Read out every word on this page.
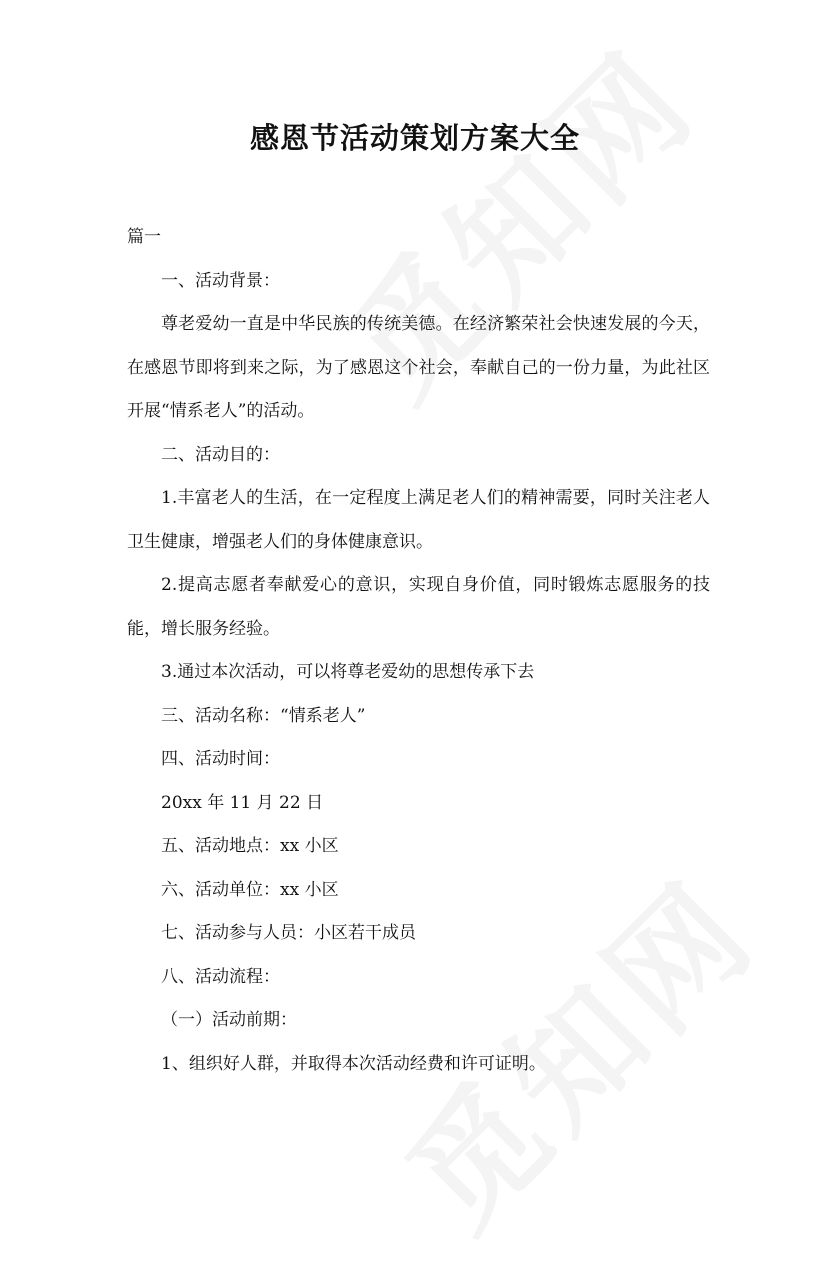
感恩节活动策划方案大全

篇一

一、活动背景：

尊老爱幼一直是中华民族的传统美德。在经济繁荣社会快速发展的今天，在感恩节即将到来之际，为了感恩这个社会，奉献自己的一份力量，为此社区开展“情系老人”的活动。

二、活动目的：

1.丰富老人的生活，在一定程度上满足老人们的精神需要，同时关注老人卫生健康，增强老人们的身体健康意识。

2.提高志愿者奉献爱心的意识，实现自身价值，同时锻炼志愿服务的技能，增长服务经验。

3.通过本次活动，可以将尊老爱幼的思想传承下去

三、活动名称：“情系老人”

四、活动时间：

20xx 年 11 月 22 日

五、活动地点：xx 小区

六、活动单位：xx 小区

七、活动参与人员：小区若干成员

八、活动流程：

（一）活动前期：

1、组织好人群，并取得本次活动经费和许可证明。
